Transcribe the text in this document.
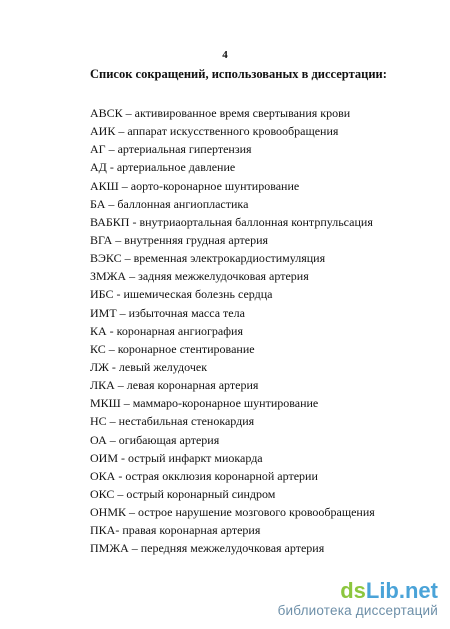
4
Список сокращений, использованых в диссертации:
АВСК – активированное время свертывания крови
АИК – аппарат искусственного кровообращения
АГ – артериальная гипертензия
АД - артериальное давление
АКШ – аорто-коронарное шунтирование
БА – баллонная ангиопластика
ВАБКП - внутриаортальная баллонная контрпульсация
ВГА – внутренняя грудная артерия
ВЭКС – временная электрокардиостимуляция
ЗМЖА – задняя межжелудочковая артерия
ИБС - ишемическая болезнь сердца
ИМТ – избыточная масса тела
КА - коронарная ангиография
КС – коронарное стентирование
ЛЖ - левый желудочек
ЛКА – левая коронарная артерия
МКШ – маммаро-коронарное шунтирование
НС – нестабильная стенокардия
ОА – огибающая артерия
ОИМ - острый инфаркт миокарда
ОКА - острая окклюзия коронарной артерии
ОКС – острый коронарный синдром
ОНМК – острое нарушение мозгового кровообращения
ПКА- правая коронарная артерия
ПМЖА – передняя межжелудочковая артерия
dsLib.net
библиотека диссертаций
